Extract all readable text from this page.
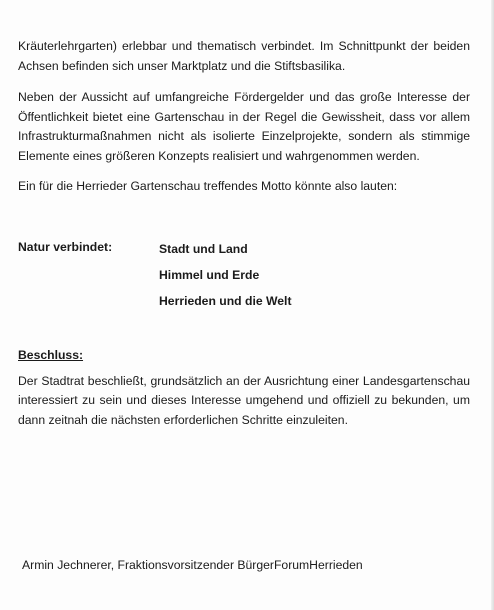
Kräuterlehrgarten) erlebbar und thematisch verbindet. Im Schnittpunkt der beiden Achsen befinden sich unser Marktplatz und die Stiftsbasilika.

Neben der Aussicht auf umfangreiche Fördergelder und das große Interesse der Öffentlichkeit bietet eine Gartenschau in der Regel die Gewissheit, dass vor allem Infrastrukturmaßnahmen nicht als isolierte Einzelprojekte, sondern als stimmige Elemente eines größeren Konzepts realisiert und wahrgenommen werden.

Ein für die Herrieder Gartenschau treffendes Motto könnte also lauten:

Natur verbindet:	Stadt und Land
Himmel und Erde
Herrieden und die Welt
Beschluss:

Der Stadtrat beschließt, grundsätzlich an der Ausrichtung einer Landesgartenschau interessiert zu sein und dieses Interesse umgehend und offiziell zu bekunden, um dann zeitnah die nächsten erforderlichen Schritte einzuleiten.

Armin Jechnerer, Fraktionsvorsitzender BürgerForumHerrieden
